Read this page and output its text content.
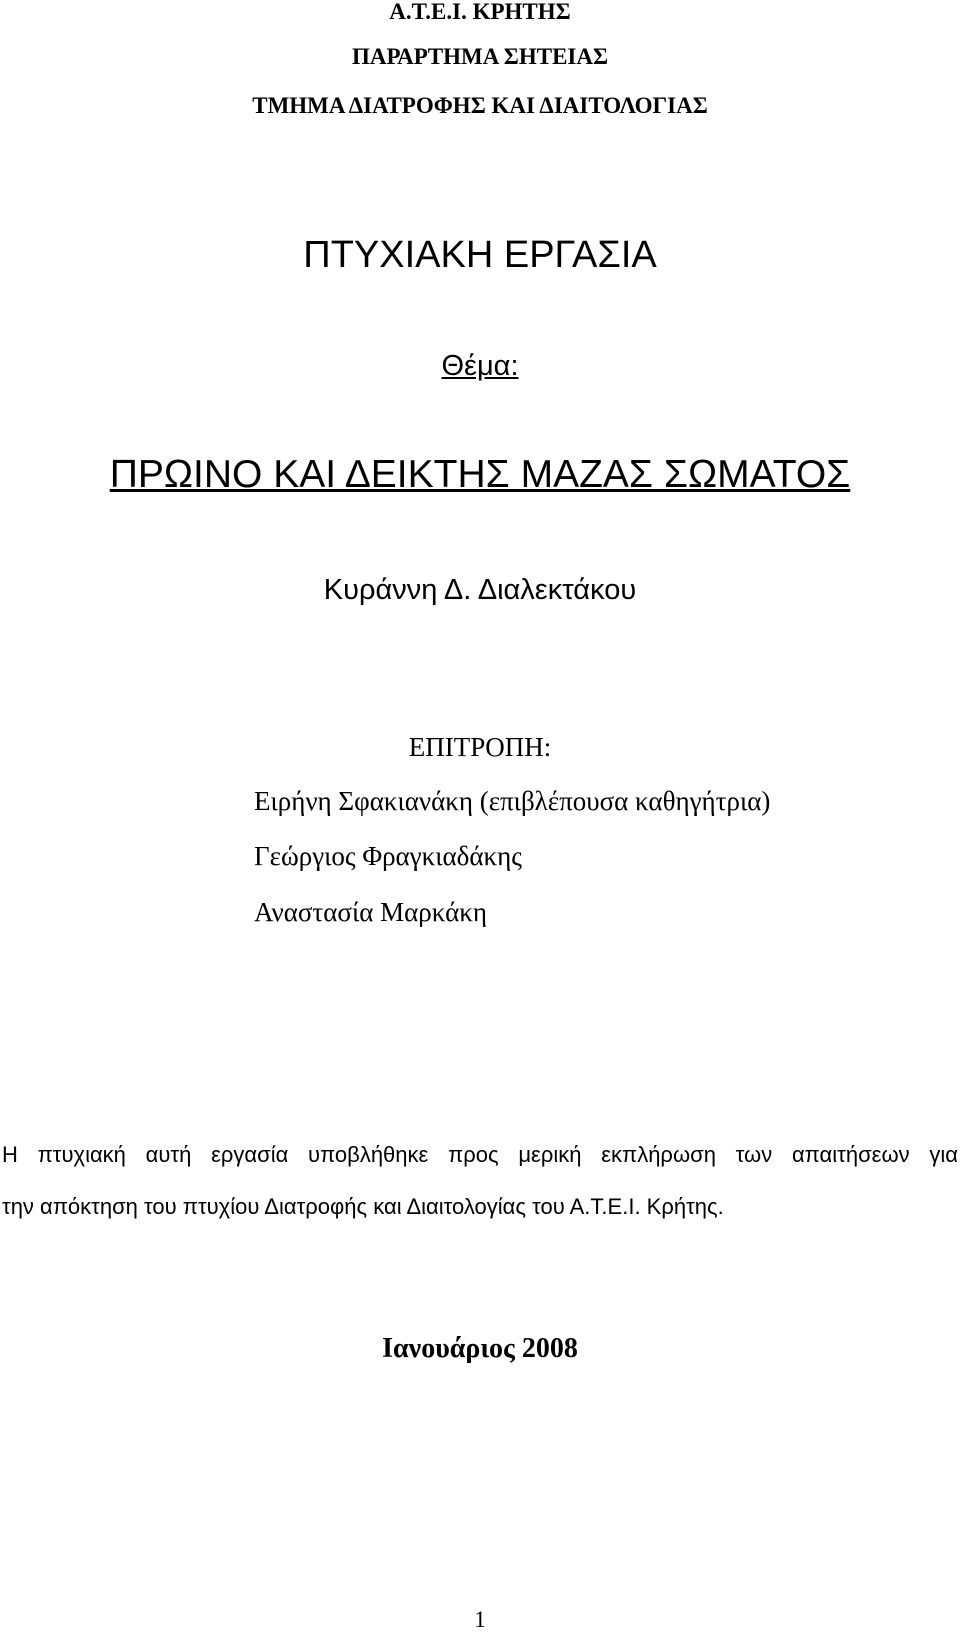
Α.Τ.Ε.Ι. ΚΡΗΤΗΣ
ΠΑΡΑΡΤΗΜΑ ΣΗΤΕΙΑΣ
ΤΜΗΜΑ ΔΙΑΤΡΟΦΗΣ ΚΑΙ ΔΙΑΙΤΟΛΟΓΙΑΣ
ΠΤΥΧΙΑΚΗ ΕΡΓΑΣΙΑ
Θέμα:
ΠΡΩΙΝΟ ΚΑΙ ΔΕΙΚΤΗΣ ΜΑΖΑΣ ΣΩΜΑΤΟΣ
Κυράννη Δ. Διαλεκτάκου
ΕΠΙΤΡΟΠΗ:
Ειρήνη Σφακιανάκη (επιβλέπουσα καθηγήτρια)
Γεώργιος Φραγκιαδάκης
Αναστασία Μαρκάκη
Η πτυχιακή αυτή εργασία υποβλήθηκε προς μερική εκπλήρωση των απαιτήσεων για
την απόκτηση του πτυχίου Διατροφής και Διαιτολογίας του Α.Τ.Ε.Ι. Κρήτης.
Ιανουάριος 2008
1
